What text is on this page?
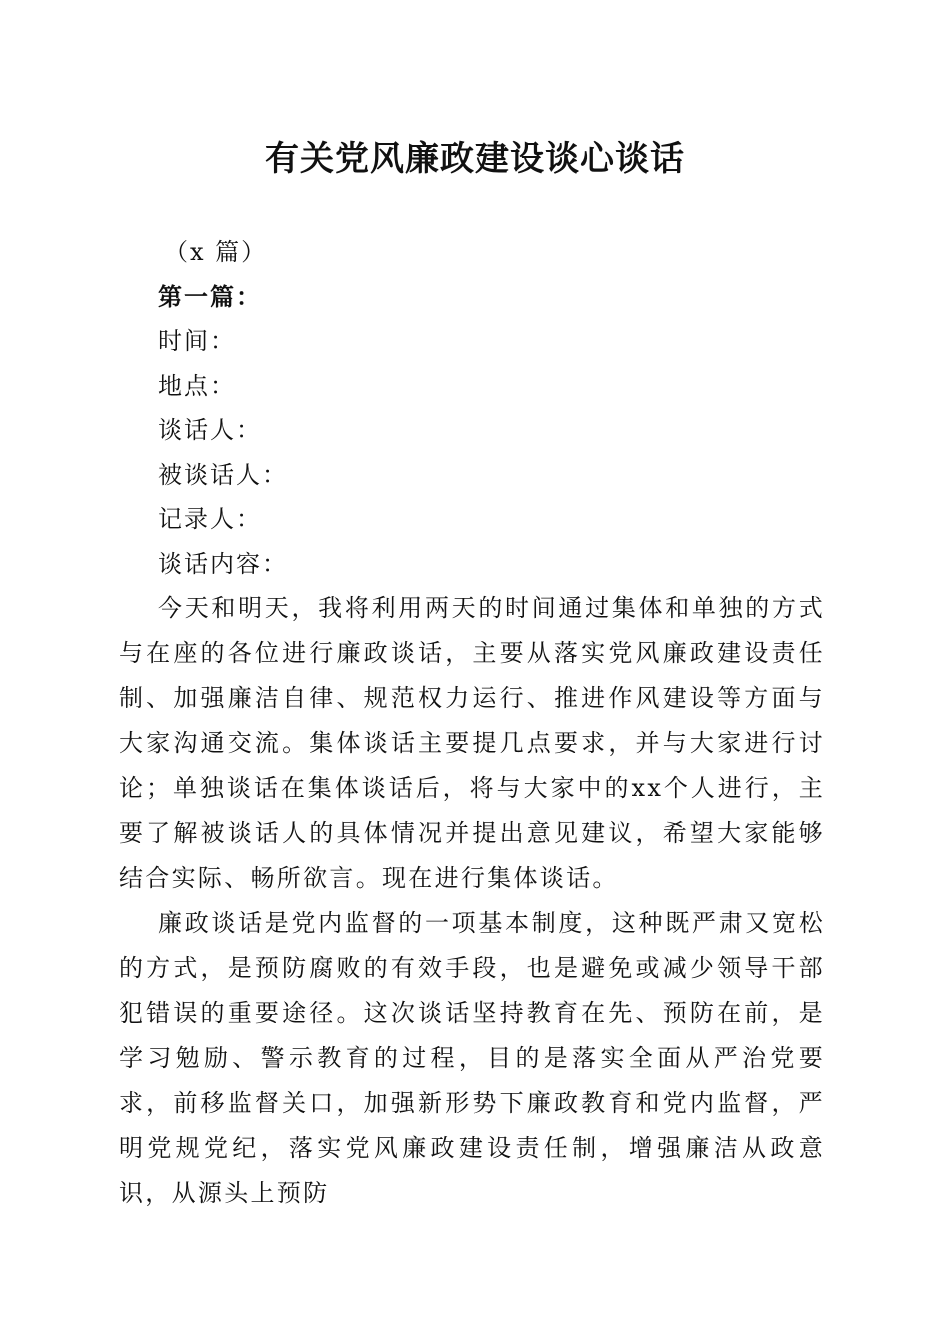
有关党风廉政建设谈心谈话
（x 篇）
第一篇：
时间：
地点：
谈话人：
被谈话人：
记录人：
谈话内容：

今天和明天，我将利用两天的时间通过集体和单独的方式与在座的各位进行廉政谈话，主要从落实党风廉政建设责任制、加强廉洁自律、规范权力运行、推进作风建设等方面与大家沟通交流。集体谈话主要提几点要求，并与大家进行讨论；单独谈话在集体谈话后，将与大家中的xx个人进行，主要了解被谈话人的具体情况并提出意见建议，希望大家能够结合实际、畅所欲言。现在进行集体谈话。

廉政谈话是党内监督的一项基本制度，这种既严肃又宽松的方式，是预防腐败的有效手段，也是避免或减少领导干部犯错误的重要途径。这次谈话坚持教育在先、预防在前，是学习勉励、警示教育的过程，目的是落实全面从严治党要求，前移监督关口，加强新形势下廉政教育和党内监督，严明党规党纪，落实党风廉政建设责任制，增强廉洁从政意识，从源头上预防
